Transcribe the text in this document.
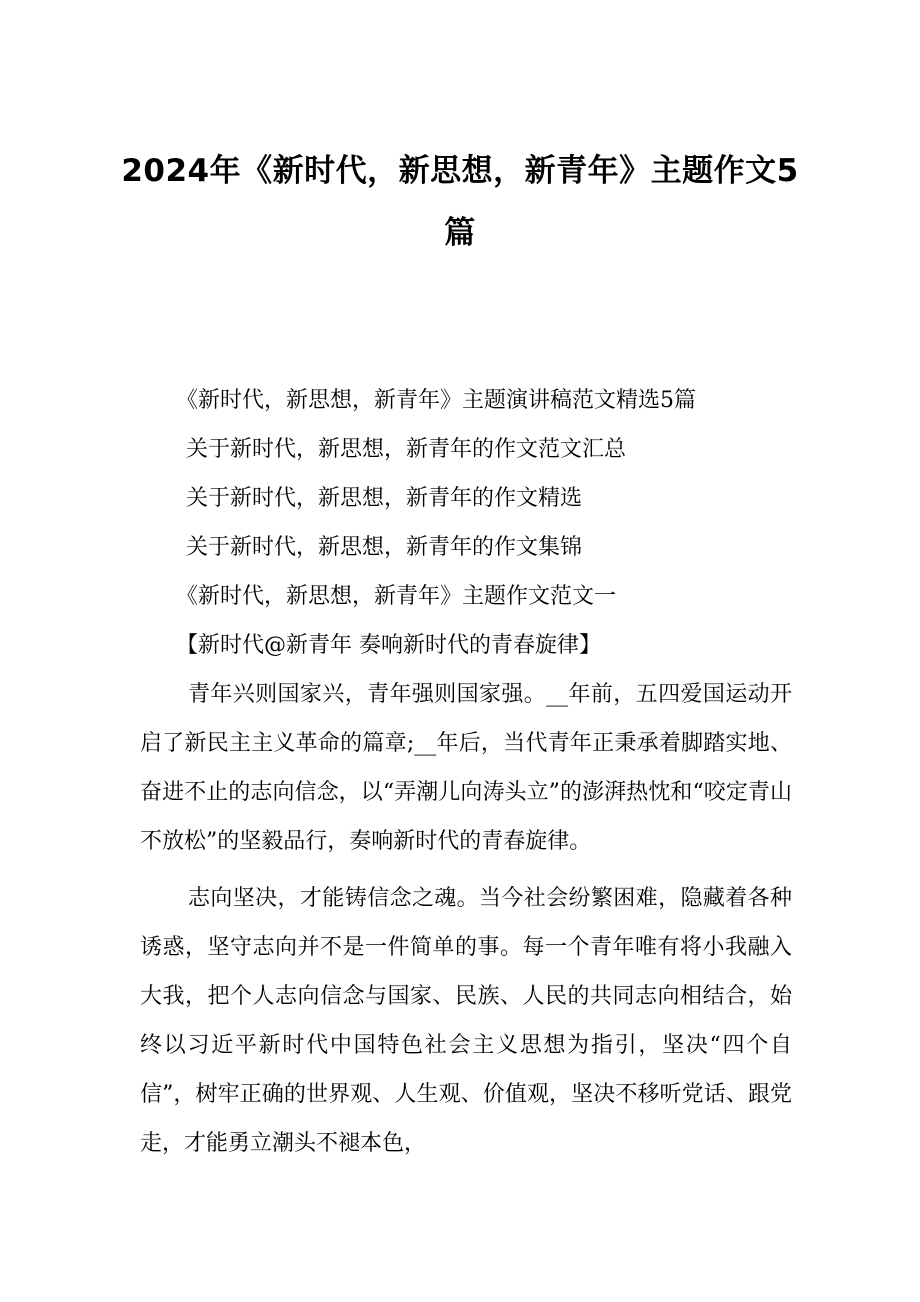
2024年《新时代，新思想，新青年》主题作文5篇
《新时代，新思想，新青年》主题演讲稿范文精选5篇
关于新时代，新思想，新青年的作文范文汇总
关于新时代，新思想，新青年的作文精选
关于新时代，新思想，新青年的作文集锦
《新时代，新思想，新青年》主题作文范文一
【新时代@新青年 奏响新时代的青春旋律】

青年兴则国家兴，青年强则国家强。__年前，五四爱国运动开启了新民主主义革命的篇章;__年后，当代青年正秉承着脚踏实地、奋进不止的志向信念，以“弄潮儿向涛头立”的澎湃热忱和“咬定青山不放松”的坚毅品行，奏响新时代的青春旋律。

志向坚决，才能铸信念之魂。当今社会纷繁困难，隐藏着各种诱惑，坚守志向并不是一件简单的事。每一个青年唯有将小我融入大我，把个人志向信念与国家、民族、人民的共同志向相结合，始终以习近平新时代中国特色社会主义思想为指引，坚决“四个自信”，树牢正确的世界观、人生观、价值观，坚决不移听党话、跟党走，才能勇立潮头不褪本色，
